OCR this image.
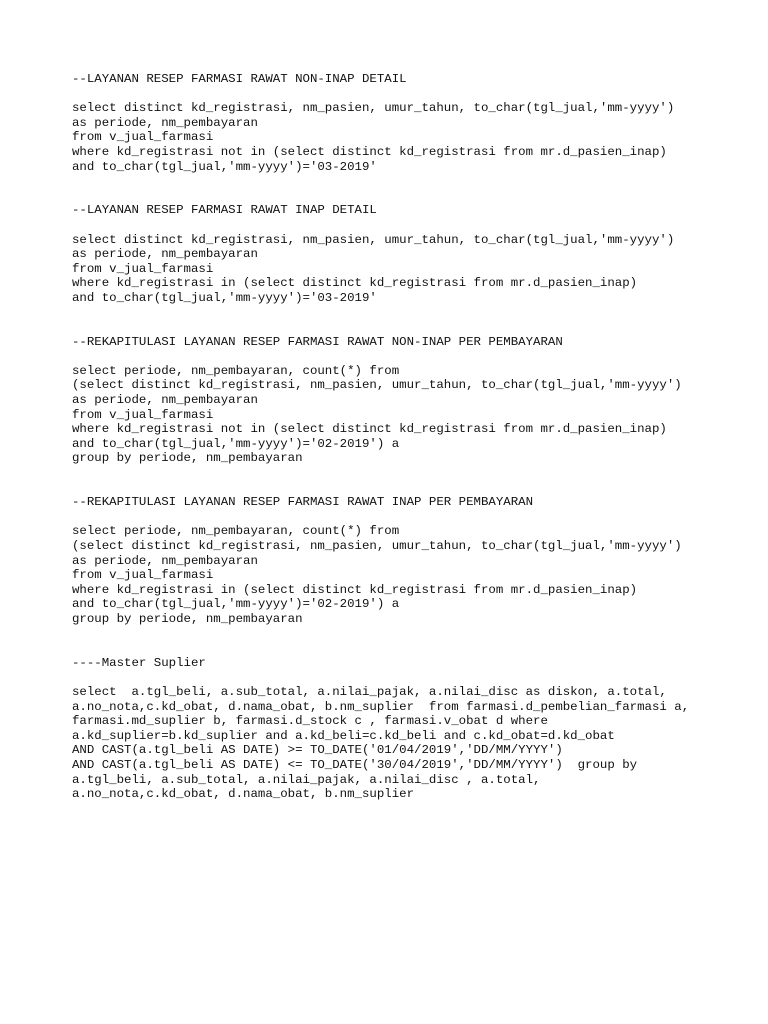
--LAYANAN RESEP FARMASI RAWAT NON-INAP DETAIL
select distinct kd_registrasi, nm_pasien, umur_tahun, to_char(tgl_jual,'mm-yyyy')
as periode, nm_pembayaran
from v_jual_farmasi
where kd_registrasi not in (select distinct kd_registrasi from mr.d_pasien_inap)
and to_char(tgl_jual,'mm-yyyy')='03-2019'
--LAYANAN RESEP FARMASI RAWAT INAP DETAIL
select distinct kd_registrasi, nm_pasien, umur_tahun, to_char(tgl_jual,'mm-yyyy')
as periode, nm_pembayaran
from v_jual_farmasi
where kd_registrasi in (select distinct kd_registrasi from mr.d_pasien_inap)
and to_char(tgl_jual,'mm-yyyy')='03-2019'
--REKAPITULASI LAYANAN RESEP FARMASI RAWAT NON-INAP PER PEMBAYARAN
select periode, nm_pembayaran, count(*) from
(select distinct kd_registrasi, nm_pasien, umur_tahun, to_char(tgl_jual,'mm-yyyy')
as periode, nm_pembayaran
from v_jual_farmasi
where kd_registrasi not in (select distinct kd_registrasi from mr.d_pasien_inap)
and to_char(tgl_jual,'mm-yyyy')='02-2019') a
group by periode, nm_pembayaran
--REKAPITULASI LAYANAN RESEP FARMASI RAWAT INAP PER PEMBAYARAN
select periode, nm_pembayaran, count(*) from
(select distinct kd_registrasi, nm_pasien, umur_tahun, to_char(tgl_jual,'mm-yyyy')
as periode, nm_pembayaran
from v_jual_farmasi
where kd_registrasi in (select distinct kd_registrasi from mr.d_pasien_inap)
and to_char(tgl_jual,'mm-yyyy')='02-2019') a
group by periode, nm_pembayaran
----Master Suplier
select  a.tgl_beli, a.sub_total, a.nilai_pajak, a.nilai_disc as diskon, a.total,
a.no_nota,c.kd_obat, d.nama_obat, b.nm_suplier  from farmasi.d_pembelian_farmasi a,
farmasi.md_suplier b, farmasi.d_stock c , farmasi.v_obat d where
a.kd_suplier=b.kd_suplier and a.kd_beli=c.kd_beli and c.kd_obat=d.kd_obat
AND CAST(a.tgl_beli AS DATE) >= TO_DATE('01/04/2019','DD/MM/YYYY')
AND CAST(a.tgl_beli AS DATE) <= TO_DATE('30/04/2019','DD/MM/YYYY')  group by
a.tgl_beli, a.sub_total, a.nilai_pajak, a.nilai_disc , a.total,
a.no_nota,c.kd_obat, d.nama_obat, b.nm_suplier
